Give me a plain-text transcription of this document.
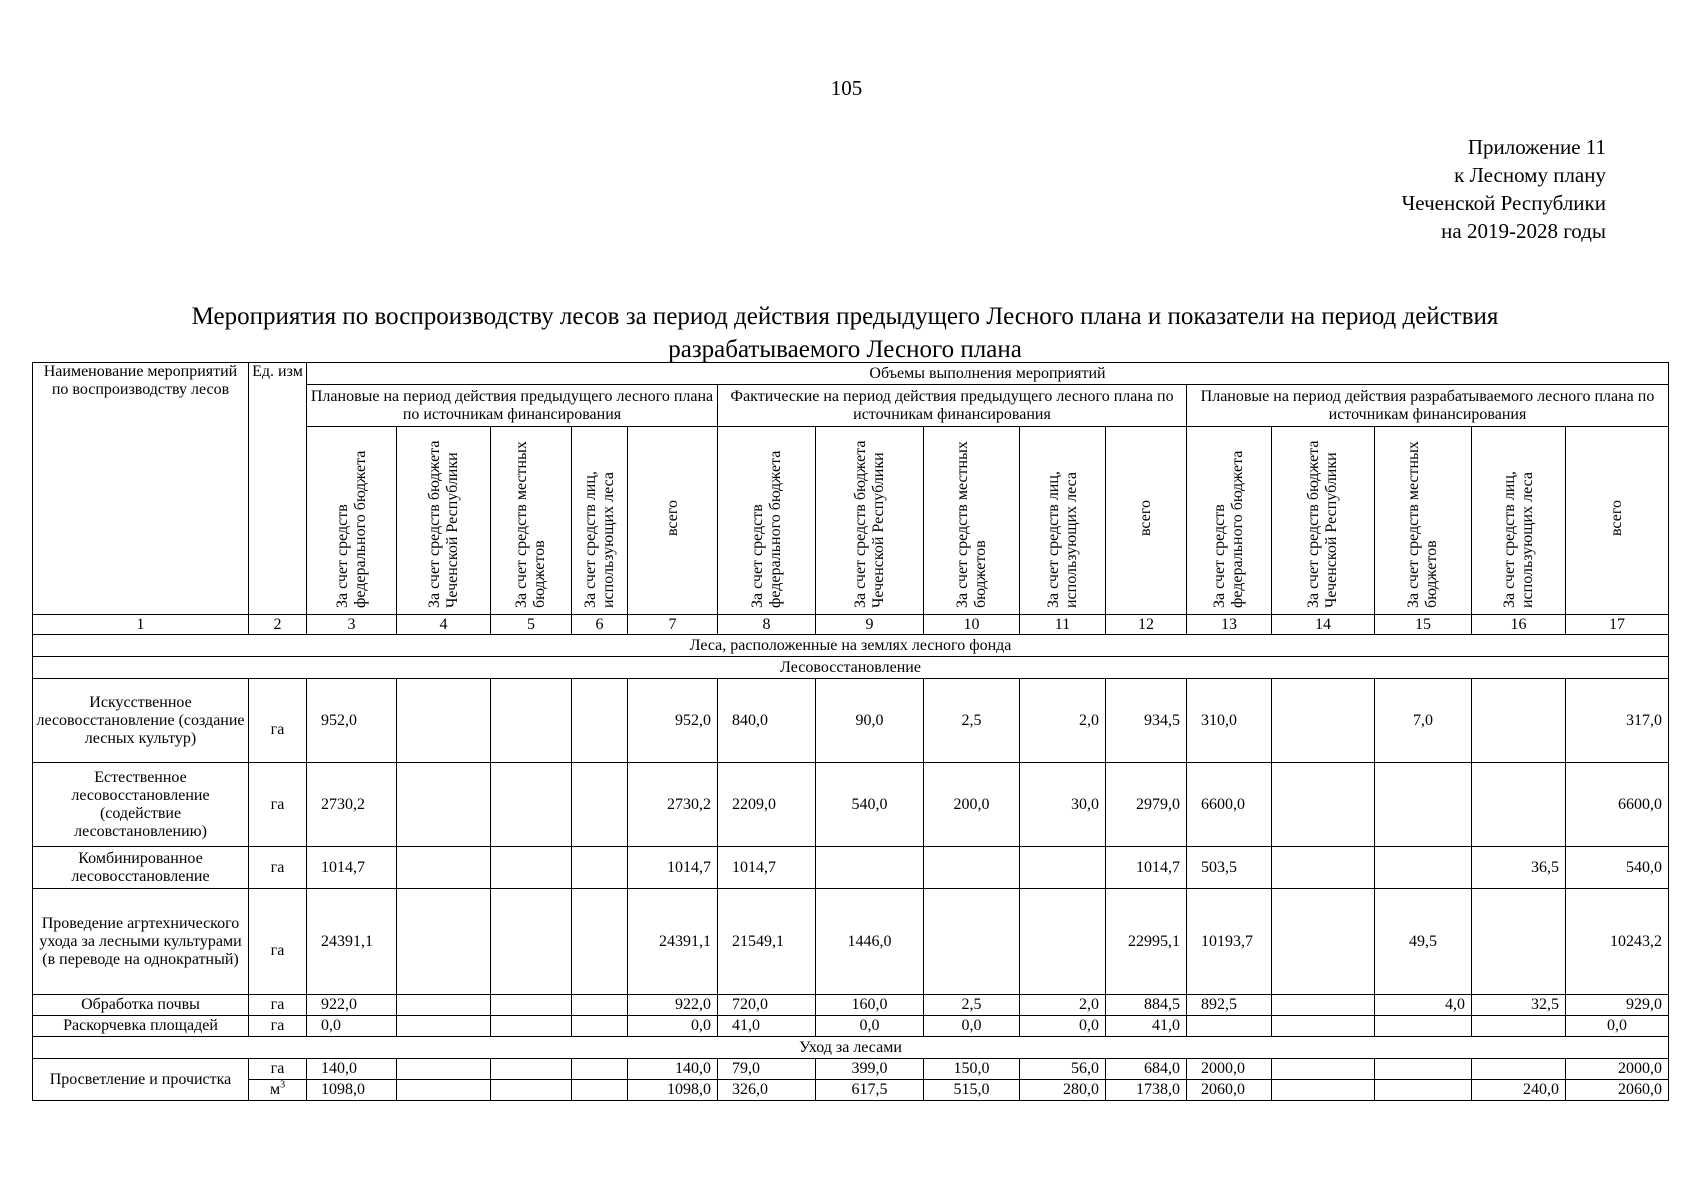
105
Приложение 11
к Лесному плану
Чеченской Республики
на 2019-2028 годы
Мероприятия по воспроизводству лесов за период действия предыдущего Лесного плана и показатели на период действия
разрабатываемого Лесного плана
Наименование мероприятий по воспроизводству лесов	Ед. изм	Объемы выполнения мероприятий														
		Плановые на период действия предыдущего лесного плана по источникам финансирования					Фактические на период действия предыдущего лесного плана по источникам финансирования					Плановые на период действия разрабатываемого лесного плана по источникам финансирования				
		За счет средств федерального бюджета	За счет средств бюджета Чеченской Республики	За счет средств местных бюджетов	За счет средств лиц, использующих леса	всего	За счет средств федерального бюджета	За счет средств бюджета Чеченской Республики	За счет средств местных бюджетов	За счет средств лиц, использующих леса	всего	За счет средств федерального бюджета	За счет средств бюджета Чеченской Республики	За счет средств местных бюджетов	За счет средств лиц, использующих леса	всего
1	2	3	4	5	6	7	8	9	10	11	12	13	14	15	16	17
Леса, расположенные на землях лесного фонда																
Лесовосстановление																
Искусственное лесовосстановление (создание лесных культур)	га	952,0				952,0	840,0	90,0	2,5	2,0	934,5	310,0		7,0		317,0
Естественное лесовосстановление (содействие лесовстановлению)	га	2730,2				2730,2	2209,0	540,0	200,0	30,0	2979,0	6600,0				6600,0
Комбинированное лесовосстановление	га	1014,7				1014,7	1014,7				1014,7	503,5			36,5	540,0
Проведение агртехнического ухода за лесными культурами (в переводе на однократный)	га	24391,1				24391,1	21549,1	1446,0			22995,1	10193,7		49,5		10243,2
Обработка почвы	га	922,0				922,0	720,0	160,0	2,5	2,0	884,5	892,5		4,0	32,5	929,0
Раскорчевка площадей	га	0,0				0,0	41,0	0,0	0,0	0,0	41,0					0,0
Уход за лесами																
Просветление и прочистка	га	140,0				140,0	79,0	399,0	150,0	56,0	684,0	2000,0				2000,0
	$м^3$	1098,0				1098,0	326,0	617,5	515,0	280,0	1738,0	2060,0			240,0	2060,0
